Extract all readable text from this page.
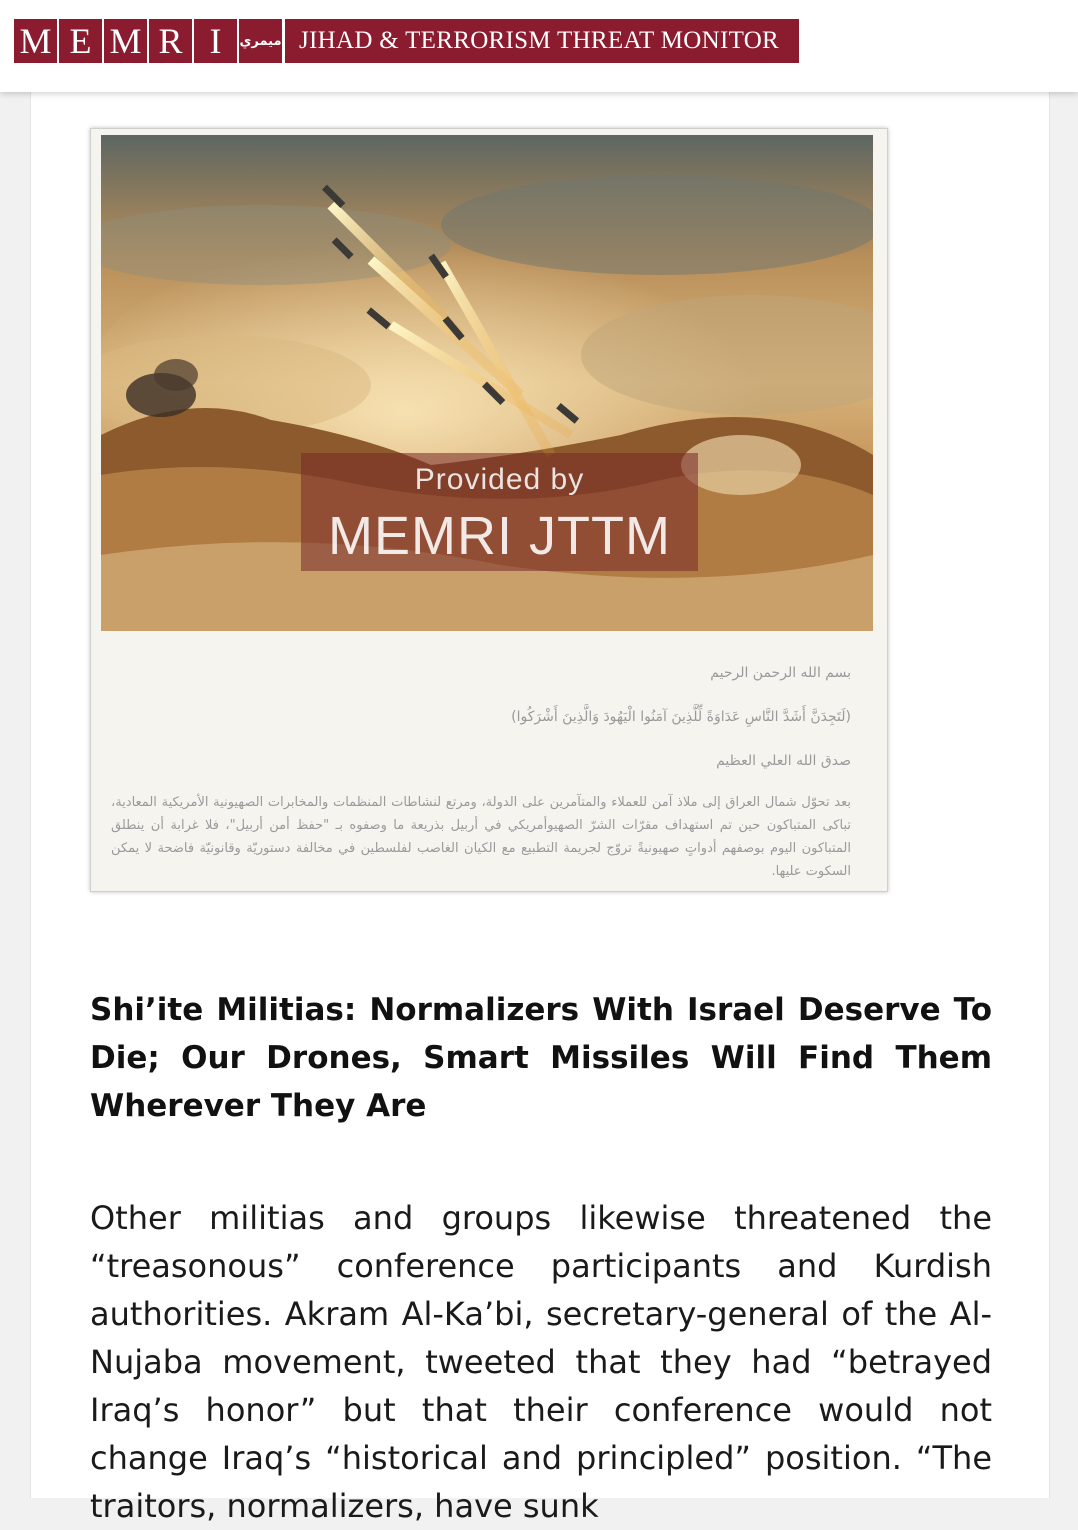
M E M R I	ميمري JIHAD & TERRORISM THREAT MONITOR
Provided by
MEMRI JTTM
بسم الله الرحمن الرحيم
(لَتَجِدَنَّ أَشَدَّ النَّاسِ عَدَاوَةً لِّلَّذِينَ آمَنُوا الْيَهُودَ وَالَّذِينَ أَشْرَكُوا)
صدق الله العلي العظيم
بعد تحوّل شمال العراق إلى ملاذ آمن للعملاء والمتآمرين على الدولة، ومرتع لنشاطات المنظمات والمخابرات الصهيونية الأمريكية المعادية، تباكى المتباكون حين تم استهداف مقرّات الشرّ الصهيوأمريكي في أربيل بذريعة ما وصفوه بـ "حفظ أمن أربيل"، فلا غرابة أن ينطلق المتباكون اليوم بوصفهم أدواتٍ صهيونيةً تروّج لجريمة التطبيع مع الكيان الغاصب لفلسطين في مخالفة دستوريّة وقانونيّة فاضحة لا يمكن السكوت عليها.
Shi’ite Militias: Normalizers With Israel Deserve To Die; Our Drones, Smart Missiles Will Find Them Wherever They Are

Other militias and groups likewise threatened the “treasonous” conference participants and Kurdish authorities. Akram Al-Ka’bi, secretary-general of the Al-Nujaba movement, tweeted that they had “betrayed Iraq’s honor” but that their conference would not change Iraq’s “historical and principled” position. “The traitors, normalizers, have sunk
